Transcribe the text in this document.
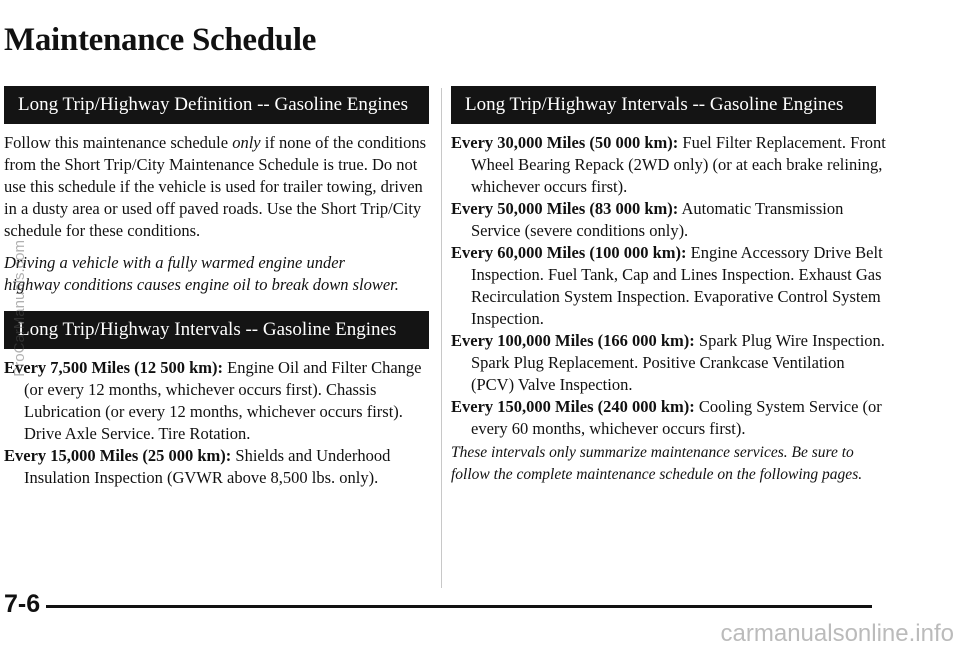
Maintenance Schedule
Long Trip/Highway Definition -- Gasoline Engines

Follow this maintenance schedule only if none of the conditions from the Short Trip/City Maintenance Schedule is true. Do not use this schedule if the vehicle is used for trailer towing, driven in a dusty area or used off paved roads. Use the Short Trip/City schedule for these conditions.

Driving a vehicle with a fully warmed engine under highway conditions causes engine oil to break down slower.

Long Trip/Highway Intervals -- Gasoline Engines

Every 7,500 Miles (12 500 km): Engine Oil and Filter Change (or every 12 months, whichever occurs first). Chassis Lubrication (or every 12 months, whichever occurs first). Drive Axle Service. Tire Rotation.

Every 15,000 Miles (25 000 km): Shields and Underhood Insulation Inspection (GVWR above 8,500 lbs. only).

Long Trip/Highway Intervals -- Gasoline Engines

Every 30,000 Miles (50 000 km): Fuel Filter Replacement. Front Wheel Bearing Repack (2WD only) (or at each brake relining, whichever occurs first).

Every 50,000 Miles (83 000 km): Automatic Transmission Service (severe conditions only).

Every 60,000 Miles (100 000 km): Engine Accessory Drive Belt Inspection. Fuel Tank, Cap and Lines Inspection. Exhaust Gas Recirculation System Inspection. Evaporative Control System Inspection.

Every 100,000 Miles (166 000 km): Spark Plug Wire Inspection. Spark Plug Replacement. Positive Crankcase Ventilation (PCV) Valve Inspection.

Every 150,000 Miles (240 000 km): Cooling System Service (or every 60 months, whichever occurs first).

These intervals only summarize maintenance services. Be sure to follow the complete maintenance schedule on the following pages.

7-6
ProCarManuals.com
carmanualsonline.info
